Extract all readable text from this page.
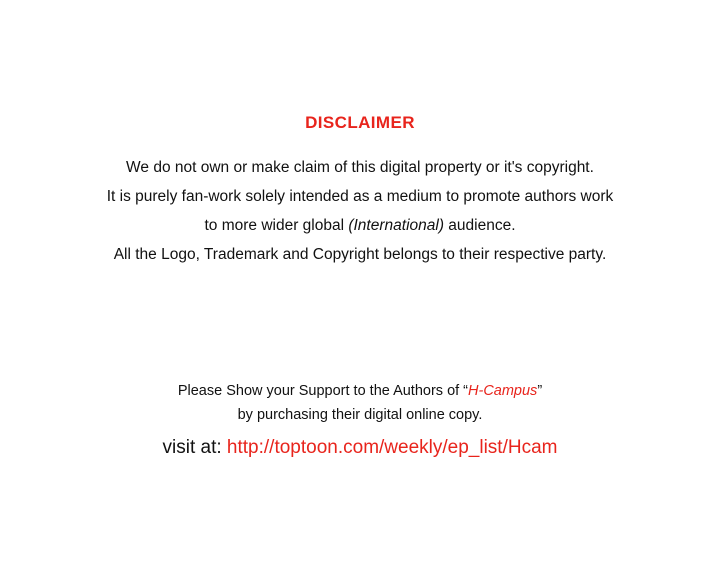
DISCLAIMER
We do not own or make claim of this digital property or it's copyright.
It is purely fan-work solely intended as a medium to promote authors work
to more wider global (International) audience.
All the Logo, Trademark and Copyright belongs to their respective party.
Please Show your Support to the Authors of “H-Campus”
by purchasing their digital online copy.
visit at: http://toptoon.com/weekly/ep_list/Hcam
